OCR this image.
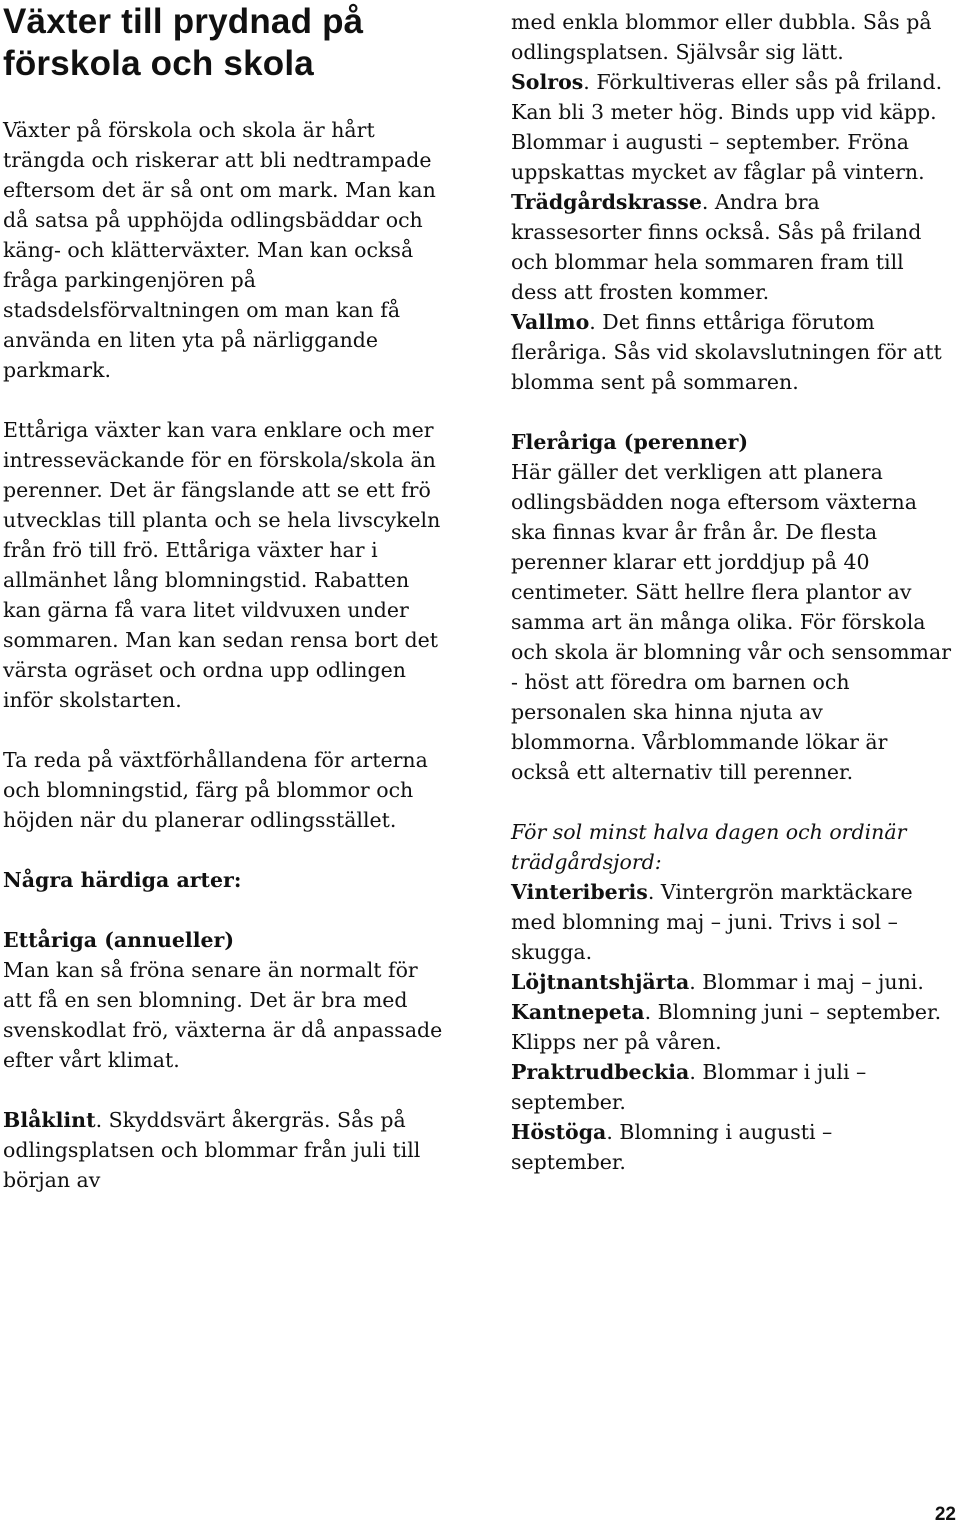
Växter till prydnad på förskola och skola

Växter på förskola och skola är hårt trängda och riskerar att bli nedtrampade eftersom det är så ont om mark. Man kan då satsa på upphöjda odlingsbäddar och käng- och klätterväxter. Man kan också fråga parkingenjören på stadsdelsförvaltningen om man kan få använda en liten yta på närliggande parkmark.

Ettåriga växter kan vara enklare och mer intresseväckande för en förskola/skola än perenner. Det är fängslande att se ett frö utvecklas till planta och se hela livscykeln från frö till frö. Ettåriga växter har i allmänhet lång blomningstid. Rabatten kan gärna få vara litet vildvuxen under sommaren. Man kan sedan rensa bort det värsta ogräset och ordna upp odlingen inför skolstarten.

Ta reda på växtförhållandena för arterna och blomningstid, färg på blommor och höjden när du planerar odlingsstället.

Några härdiga arter:

Ettåriga (annueller)

Man kan så fröna senare än normalt för att få en sen blomning. Det är bra med svenskodlat frö, växterna är då anpassade efter vårt klimat.

Blåklint. Skyddsvärt åkergräs. Sås på odlingsplatsen och blommar från juli till början av

med enkla blommor eller dubbla. Sås på odlingsplatsen. Självsår sig lätt.

Solros. Förkultiveras eller sås på friland. Kan bli 3 meter hög. Binds upp vid käpp. Blommar i augusti – september. Fröna uppskattas mycket av fåglar på vintern.

Trädgårdskrasse. Andra bra krassesorter finns också. Sås på friland och blommar hela sommaren fram till dess att frosten kommer.

Vallmo. Det finns ettåriga förutom fleråriga. Sås vid skolavslutningen för att blomma sent på sommaren.

Fleråriga (perenner)

Här gäller det verkligen att planera odlingsbädden noga eftersom växterna ska finnas kvar år från år. De flesta perenner klarar ett jorddjup på 40 centimeter. Sätt hellre flera plantor av samma art än många olika. För förskola och skola är blomning vår och sensommar - höst att föredra om barnen och personalen ska hinna njuta av blommorna. Vårblommande lökar är också ett alternativ till perenner.

För sol minst halva dagen och ordinär trädgårdsjord:

Vinteriberis. Vintergrön marktäckare med blomning maj – juni. Trivs i sol – skugga.

Löjtnantshjärta. Blommar i maj – juni.

Kantnepeta. Blomning juni – september. Klipps ner på våren.

Praktrudbeckia. Blommar i juli – september.

Höstöga. Blomning i augusti – september.

22
